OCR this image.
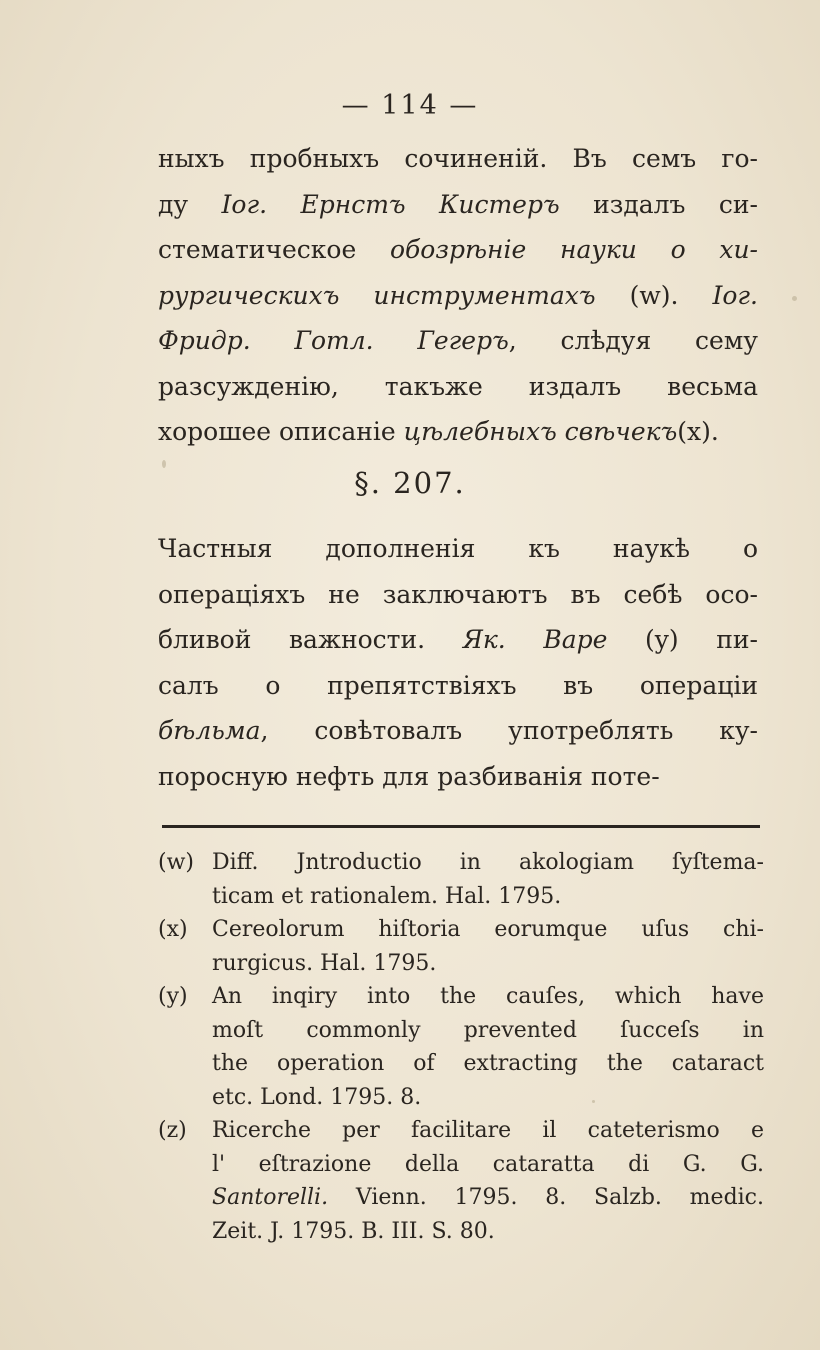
— 114 —
ныхъ пробныхъ сочиненій. Въ семъ го-
ду Іог. Ернстъ Кистеръ издалъ си-
стематическое обозрѣніе науки о хи-
рургическихъ инструментахъ (w). Іог.
Фридр. Готл. Гегеръ, слѣдуя сему
разсужденію, такъже издалъ весьма
хорошее описаніе цѣлебныхъ свѣчекъ(x).
§. 207.
Частныя дополненія къ наукѣ о
операціяхъ не заключаютъ въ себѣ осо-
бливой важности. Як. Варе (y) пи-
салъ о препятствіяхъ въ операціи
бѣльма, совѣтовалъ употреблять ку-
поросную нефть для разбиванія поте-
(w) Diff. Jntroductio in akologiam ſyſtema-
ticam et rationalem. Hal. 1795.
(x) Cereolorum hiſtoria eorumque uſus chi-
rurgicus. Hal. 1795.
(y) An inqiry into the cauſes, which have
moſt commonly prevented ſucceſs in
the operation of extracting the cataract
etc. Lond. 1795. 8.
(z) Ricerche per facilitare il cateterismo e
l' eſtrazione della cataratta di G. G.
Santorelli. Vienn. 1795. 8. Salzb. medic.
Zeit. J. 1795. B. III. S. 80.
